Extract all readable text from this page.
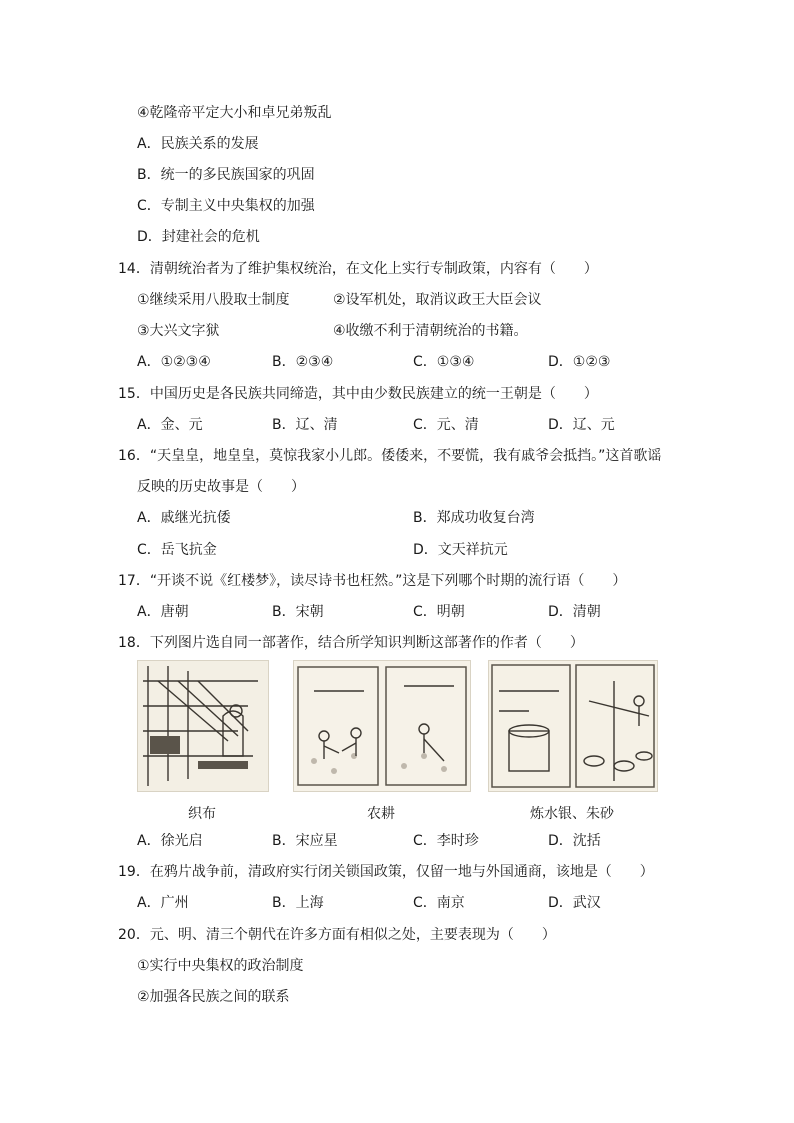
④乾隆帝平定大小和卓兄弟叛乱
A．民族关系的发展
B．统一的多民族国家的巩固
C．专制主义中央集权的加强
D．封建社会的危机
14．清朝统治者为了维护集权统治，在文化上实行专制政策，内容有（　　）
①继续采用八股取士制度	②设军机处，取消议政王大臣会议
③大兴文字狱	④收缴不利于清朝统治的书籍。
A．①②③④	B．②③④	C．①③④	D．①②③
15．中国历史是各民族共同缔造，其中由少数民族建立的统一王朝是（　　）
A．金、元	B．辽、清	C．元、清	D．辽、元
16．“天皇皇，地皇皇，莫惊我家小儿郎。倭倭来，不要慌，我有戚爷会抵挡。”这首歌谣
反映的历史故事是（　　）
A．戚继光抗倭	B．郑成功收复台湾
C．岳飞抗金	D．文天祥抗元
17．“开谈不说《红楼梦》，读尽诗书也枉然。”这是下列哪个时期的流行语（　　）
A．唐朝	B．宋朝	C．明朝	D．清朝
18．下列图片选自同一部著作，结合所学知识判断这部著作的作者（　　）
织布	农耕	炼水银、朱砂
A．徐光启	B．宋应星	C．李时珍	D．沈括
19．在鸦片战争前，清政府实行闭关锁国政策，仅留一地与外国通商，该地是（　　）
A．广州	B．上海	C．南京	D．武汉
20．元、明、清三个朝代在许多方面有相似之处，主要表现为（　　）
①实行中央集权的政治制度
②加强各民族之间的联系
